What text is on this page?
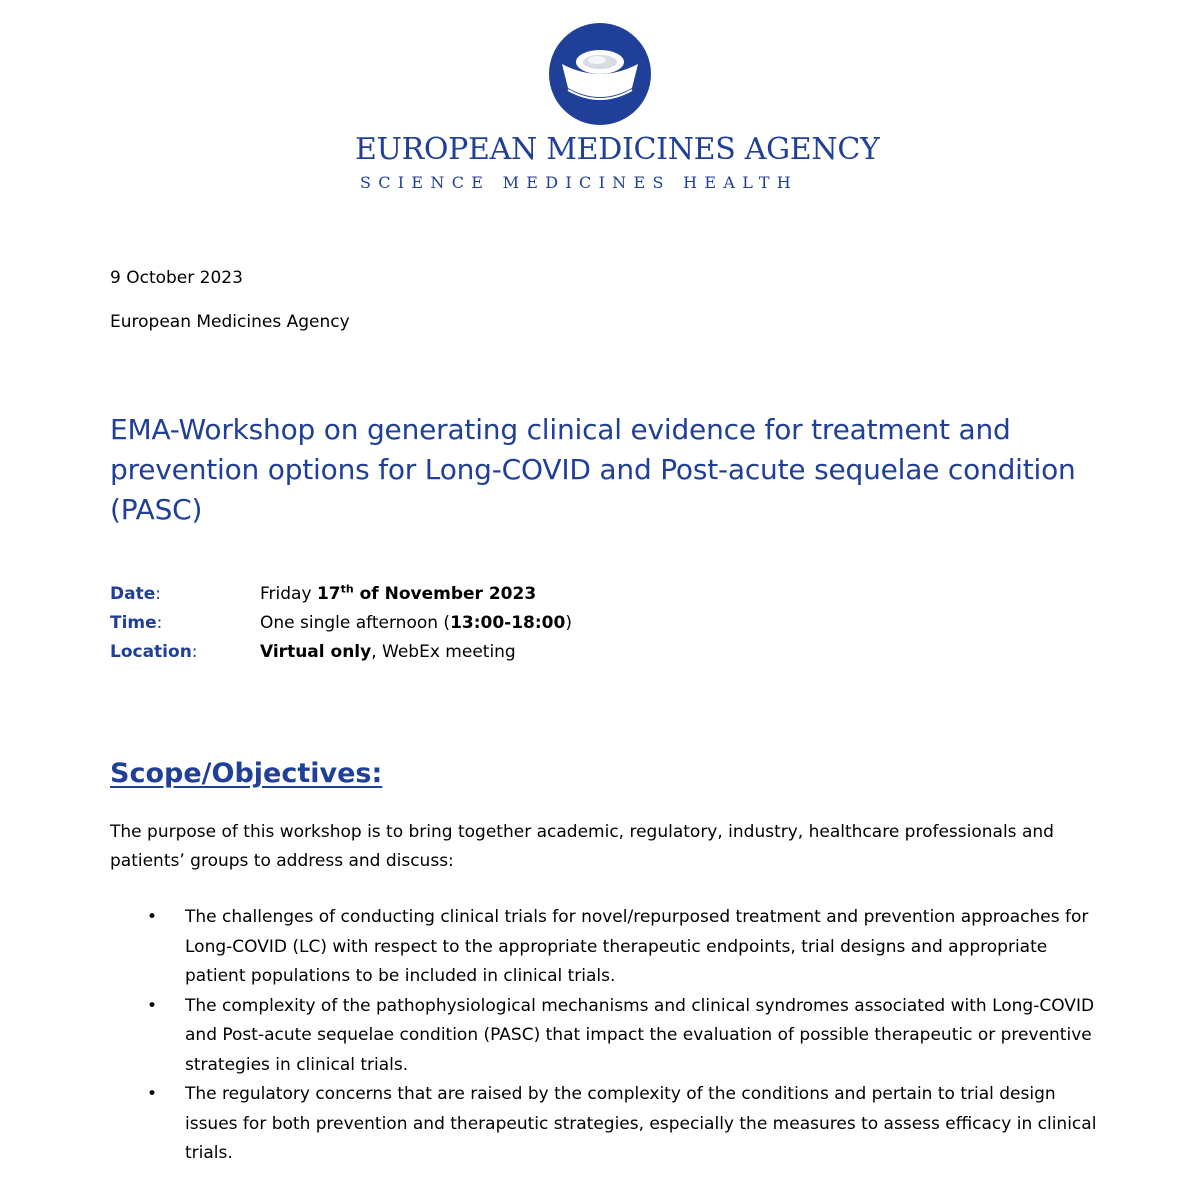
EUROPEAN MEDICINES AGENCY
SCIENCE MEDICINES HEALTH
9 October 2023
European Medicines Agency
EMA-Workshop on generating clinical evidence for treatment and prevention options for Long-COVID and Post-acute sequelae condition (PASC)
Date:	Friday 17th of November 2023
Time:	One single afternoon (13:00-18:00)
Location:	Virtual only, WebEx meeting
Scope/Objectives:

The purpose of this workshop is to bring together academic, regulatory, industry, healthcare professionals and patients’ groups to address and discuss:

• The challenges of conducting clinical trials for novel/repurposed treatment and prevention approaches for Long-COVID (LC) with respect to the appropriate therapeutic endpoints, trial designs and appropriate patient populations to be included in clinical trials.
• The complexity of the pathophysiological mechanisms and clinical syndromes associated with Long-COVID and Post-acute sequelae condition (PASC) that impact the evaluation of possible therapeutic or preventive strategies in clinical trials.
• The regulatory concerns that are raised by the complexity of the conditions and pertain to trial design issues for both prevention and therapeutic strategies, especially the measures to assess efficacy in clinical trials.
